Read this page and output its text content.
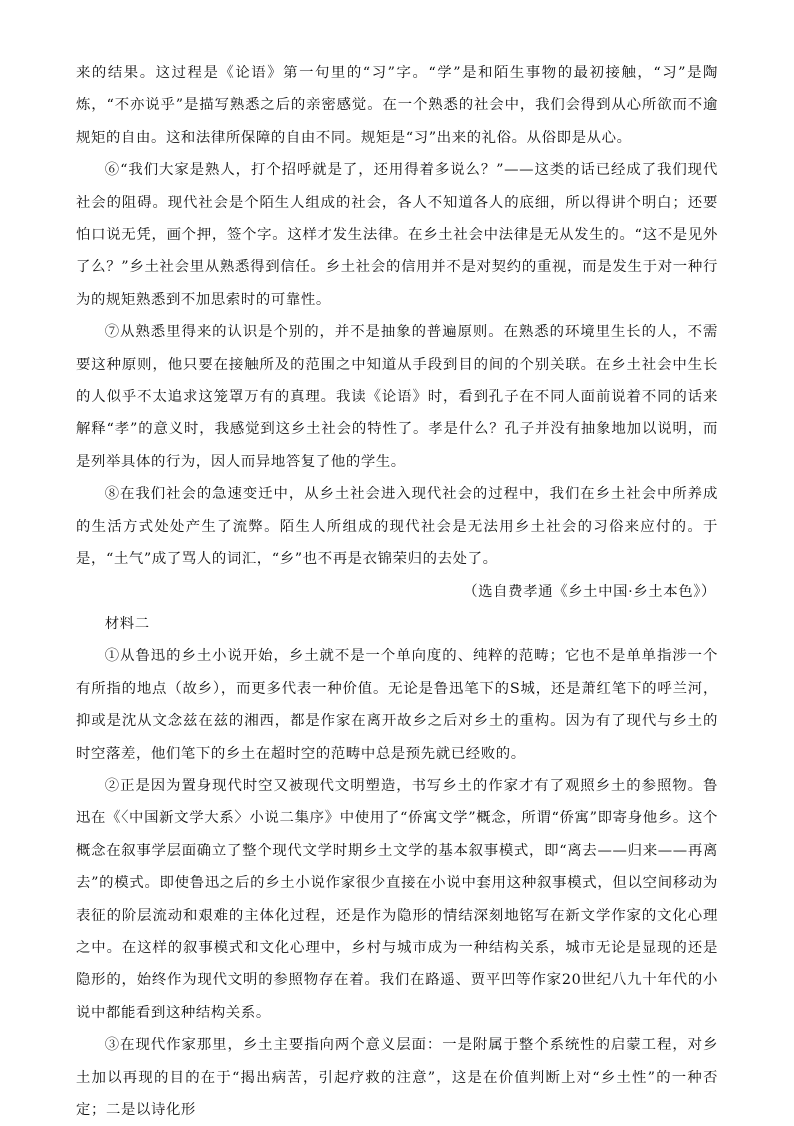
来的结果。这过程是《论语》第一句里的“习”字。“学”是和陌生事物的最初接触，“习”是陶炼，“不亦说乎”是描写熟悉之后的亲密感觉。在一个熟悉的社会中，我们会得到从心所欲而不逾规矩的自由。这和法律所保障的自由不同。规矩是“习”出来的礼俗。从俗即是从心。

⑥“我们大家是熟人，打个招呼就是了，还用得着多说么？”——这类的话已经成了我们现代社会的阻碍。现代社会是个陌生人组成的社会，各人不知道各人的底细，所以得讲个明白；还要怕口说无凭，画个押，签个字。这样才发生法律。在乡土社会中法律是无从发生的。“这不是见外了么？”乡土社会里从熟悉得到信任。乡土社会的信用并不是对契约的重视，而是发生于对一种行为的规矩熟悉到不加思索时的可靠性。

⑦从熟悉里得来的认识是个别的，并不是抽象的普遍原则。在熟悉的环境里生长的人，不需要这种原则，他只要在接触所及的范围之中知道从手段到目的间的个别关联。在乡土社会中生长的人似乎不太追求这笼罩万有的真理。我读《论语》时，看到孔子在不同人面前说着不同的话来解释“孝”的意义时，我感觉到这乡土社会的特性了。孝是什么？孔子并没有抽象地加以说明，而是列举具体的行为，因人而异地答复了他的学生。

⑧在我们社会的急速变迁中，从乡土社会进入现代社会的过程中，我们在乡土社会中所养成的生活方式处处产生了流弊。陌生人所组成的现代社会是无法用乡土社会的习俗来应付的。于是，“土气”成了骂人的词汇，“乡”也不再是衣锦荣归的去处了。

（选自费孝通《乡土中国·乡土本色》）

材料二

①从鲁迅的乡土小说开始，乡土就不是一个单向度的、纯粹的范畴；它也不是单单指涉一个有所指的地点（故乡），而更多代表一种价值。无论是鲁迅笔下的S城，还是萧红笔下的呼兰河，抑或是沈从文念兹在兹的湘西，都是作家在离开故乡之后对乡土的重构。因为有了现代与乡土的时空落差，他们笔下的乡土在超时空的范畴中总是预先就已经败的。

②正是因为置身现代时空又被现代文明塑造，书写乡土的作家才有了观照乡土的参照物。鲁迅在《〈中国新文学大系〉小说二集序》中使用了“侨寓文学”概念，所谓“侨寓”即寄身他乡。这个概念在叙事学层面确立了整个现代文学时期乡土文学的基本叙事模式，即“离去——归来——再离去”的模式。即使鲁迅之后的乡土小说作家很少直接在小说中套用这种叙事模式，但以空间移动为表征的阶层流动和艰难的主体化过程，还是作为隐形的情结深刻地铭写在新文学作家的文化心理之中。在这样的叙事模式和文化心理中，乡村与城市成为一种结构关系，城市无论是显现的还是隐形的，始终作为现代文明的参照物存在着。我们在路遥、贾平凹等作家20世纪八九十年代的小说中都能看到这种结构关系。

③在现代作家那里，乡土主要指向两个意义层面：一是附属于整个系统性的启蒙工程，对乡土加以再现的目的在于“揭出病苦，引起疗救的注意”，这是在价值判断上对“乡土性”的一种否定；二是以诗化形
